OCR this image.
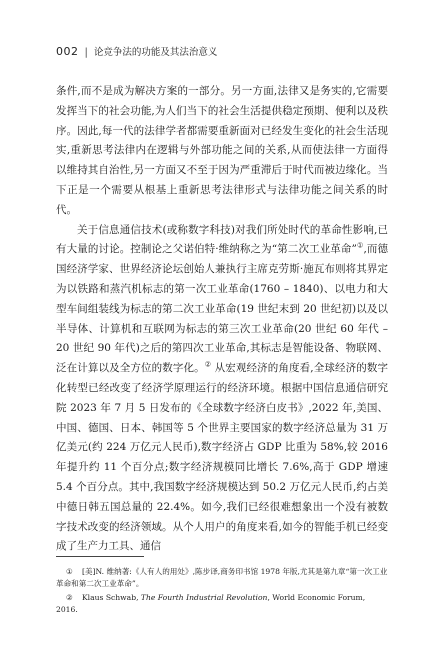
002 | 论竞争法的功能及其法治意义

条件,而不是成为解决方案的一部分。另一方面,法律又是务实的,它需要发挥当下的社会功能,为人们当下的社会生活提供稳定预期、便利以及秩序。因此,每一代的法律学者都需要重新面对已经发生变化的社会生活现实,重新思考法律内在逻辑与外部功能之间的关系,从而使法律一方面得以维持其自治性,另一方面又不至于因为严重滞后于时代而被边缘化。当下正是一个需要从根基上重新思考法律形式与法律功能之间关系的时代。

关于信息通信技术(或称数字科技)对我们所处时代的革命性影响,已有大量的讨论。控制论之父诺伯特·维纳称之为“第二次工业革命”①,而德国经济学家、世界经济论坛创始人兼执行主席克劳斯·施瓦布则将其界定为以铁路和蒸汽机标志的第一次工业革命(1760 – 1840)、以电力和大型车间组装线为标志的第二次工业革命(19 世纪末到 20 世纪初)以及以半导体、计算机和互联网为标志的第三次工业革命(20 世纪 60 年代 – 20 世纪 90 年代)之后的第四次工业革命,其标志是智能设备、物联网、泛在计算以及全方位的数字化。② 从宏观经济的角度看,全球经济的数字化转型已经改变了经济学原理运行的经济环境。根据中国信息通信研究院 2023 年 7 月 5 日发布的《全球数字经济白皮书》,2022 年,美国、中国、德国、日本、韩国等 5 个世界主要国家的数字经济总量为 31 万亿美元(约 224 万亿元人民币),数字经济占 GDP 比重为 58%,较 2016 年提升约 11 个百分点;数字经济规模同比增长 7.6%,高于 GDP 增速 5.4 个百分点。其中,我国数字经济规模达到 50.2 万亿元人民币,约占美中德日韩五国总量的 22.4%。如今,我们已经很难想象出一个没有被数字技术改变的经济领域。从个人用户的角度来看,如今的智能手机已经变成了生产力工具、通信

① [美]N. 维纳著:《人有人的用处》,陈步译,商务印书馆 1978 年版,尤其是第九章“第一次工业革命和第二次工业革命”。

② Klaus Schwab, The Fourth Industrial Revolution, World Economic Forum, 2016.
